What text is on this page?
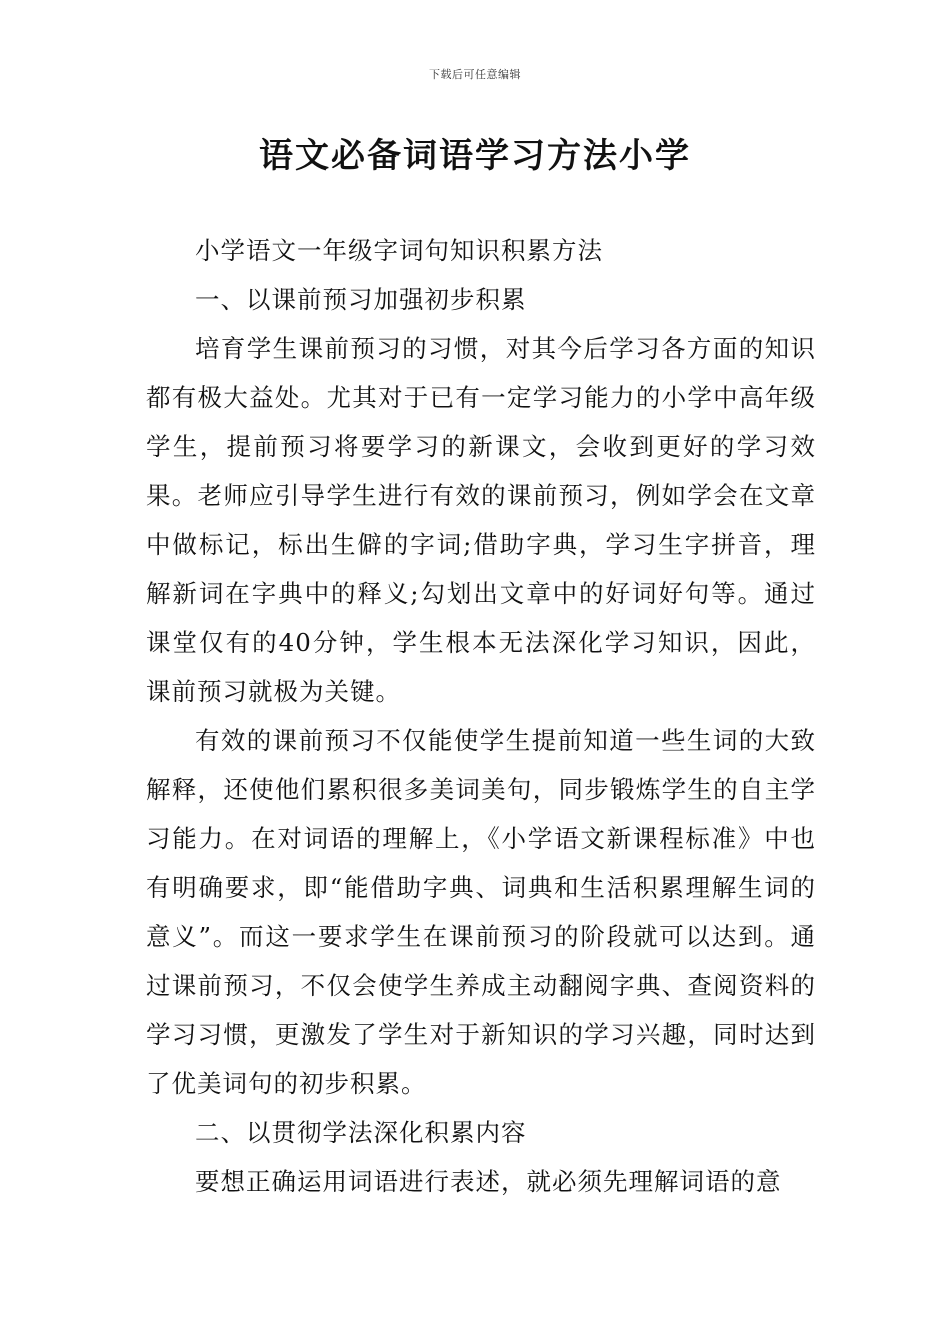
下载后可任意编辑
语文必备词语学习方法小学

小学语文一年级字词句知识积累方法

一、以课前预习加强初步积累

培育学生课前预习的习惯，对其今后学习各方面的知识都有极大益处。尤其对于已有一定学习能力的小学中高年级学生，提前预习将要学习的新课文，会收到更好的学习效果。老师应引导学生进行有效的课前预习，例如学会在文章中做标记，标出生僻的字词;借助字典，学习生字拼音，理解新词在字典中的释义;勾划出文章中的好词好句等。通过课堂仅有的40分钟，学生根本无法深化学习知识，因此，课前预习就极为关键。

有效的课前预习不仅能使学生提前知道一些生词的大致解释，还使他们累积很多美词美句，同步锻炼学生的自主学习能力。在对词语的理解上，《小学语文新课程标准》中也有明确要求，即“能借助字典、词典和生活积累理解生词的意义”。而这一要求学生在课前预习的阶段就可以达到。通过课前预习，不仅会使学生养成主动翻阅字典、查阅资料的学习习惯，更激发了学生对于新知识的学习兴趣，同时达到了优美词句的初步积累。

二、以贯彻学法深化积累内容

要想正确运用词语进行表述，就必须先理解词语的意
